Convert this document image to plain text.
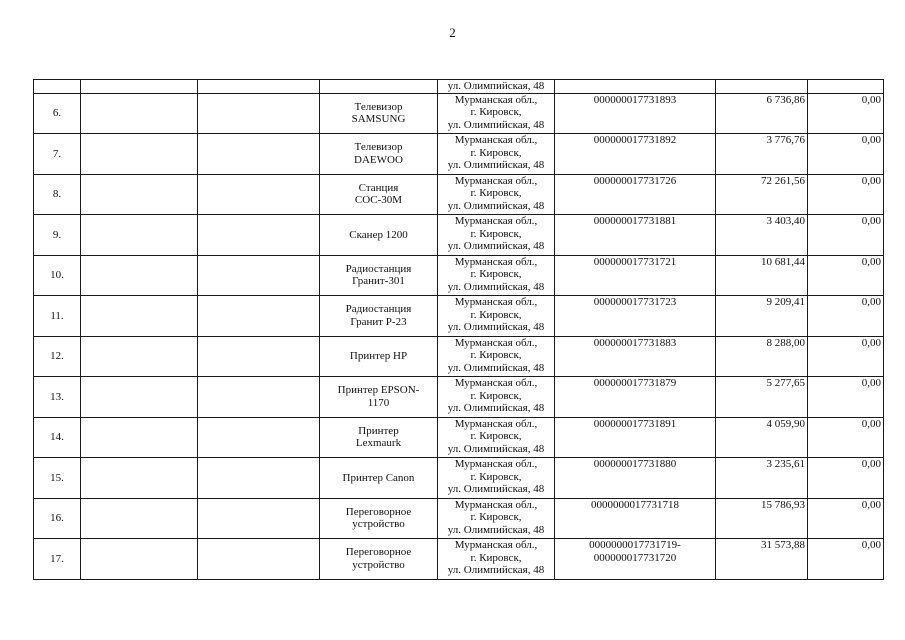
2
				ул. Олимпийская, 48			
6.			Телевизор
SAMSUNG	Мурманская обл.,
г. Кировск,
ул. Олимпийская, 48	000000017731893	6 736,86	0,00
7.			Телевизор
DAEWOO	Мурманская обл.,
г. Кировск,
ул. Олимпийская, 48	000000017731892	3 776,76	0,00
8.			Станция
СОС-30М	Мурманская обл.,
г. Кировск,
ул. Олимпийская, 48	000000017731726	72 261,56	0,00
9.			Сканер 1200	Мурманская обл.,
г. Кировск,
ул. Олимпийская, 48	000000017731881	3 403,40	0,00
10.			Радиостанция
Гранит-301	Мурманская обл.,
г. Кировск,
ул. Олимпийская, 48	000000017731721	10 681,44	0,00
11.			Радиостанция
Гранит Р-23	Мурманская обл.,
г. Кировск,
ул. Олимпийская, 48	000000017731723	9 209,41	0,00
12.			Принтер HP	Мурманская обл.,
г. Кировск,
ул. Олимпийская, 48	000000017731883	8 288,00	0,00
13.			Принтер EPSON-
1170	Мурманская обл.,
г. Кировск,
ул. Олимпийская, 48	000000017731879	5 277,65	0,00
14.			Принтер
Lexmaurk	Мурманская обл.,
г. Кировск,
ул. Олимпийская, 48	000000017731891	4 059,90	0,00
15.			Принтер Canon	Мурманская обл.,
г. Кировск,
ул. Олимпийская, 48	000000017731880	3 235,61	0,00
16.			Переговорное
устройство	Мурманская обл.,
г. Кировск,
ул. Олимпийская, 48	0000000017731718	15 786,93	0,00
17.			Переговорное
устройство	Мурманская обл.,
г. Кировск,
ул. Олимпийская, 48	0000000017731719-
000000017731720	31 573,88	0,00
